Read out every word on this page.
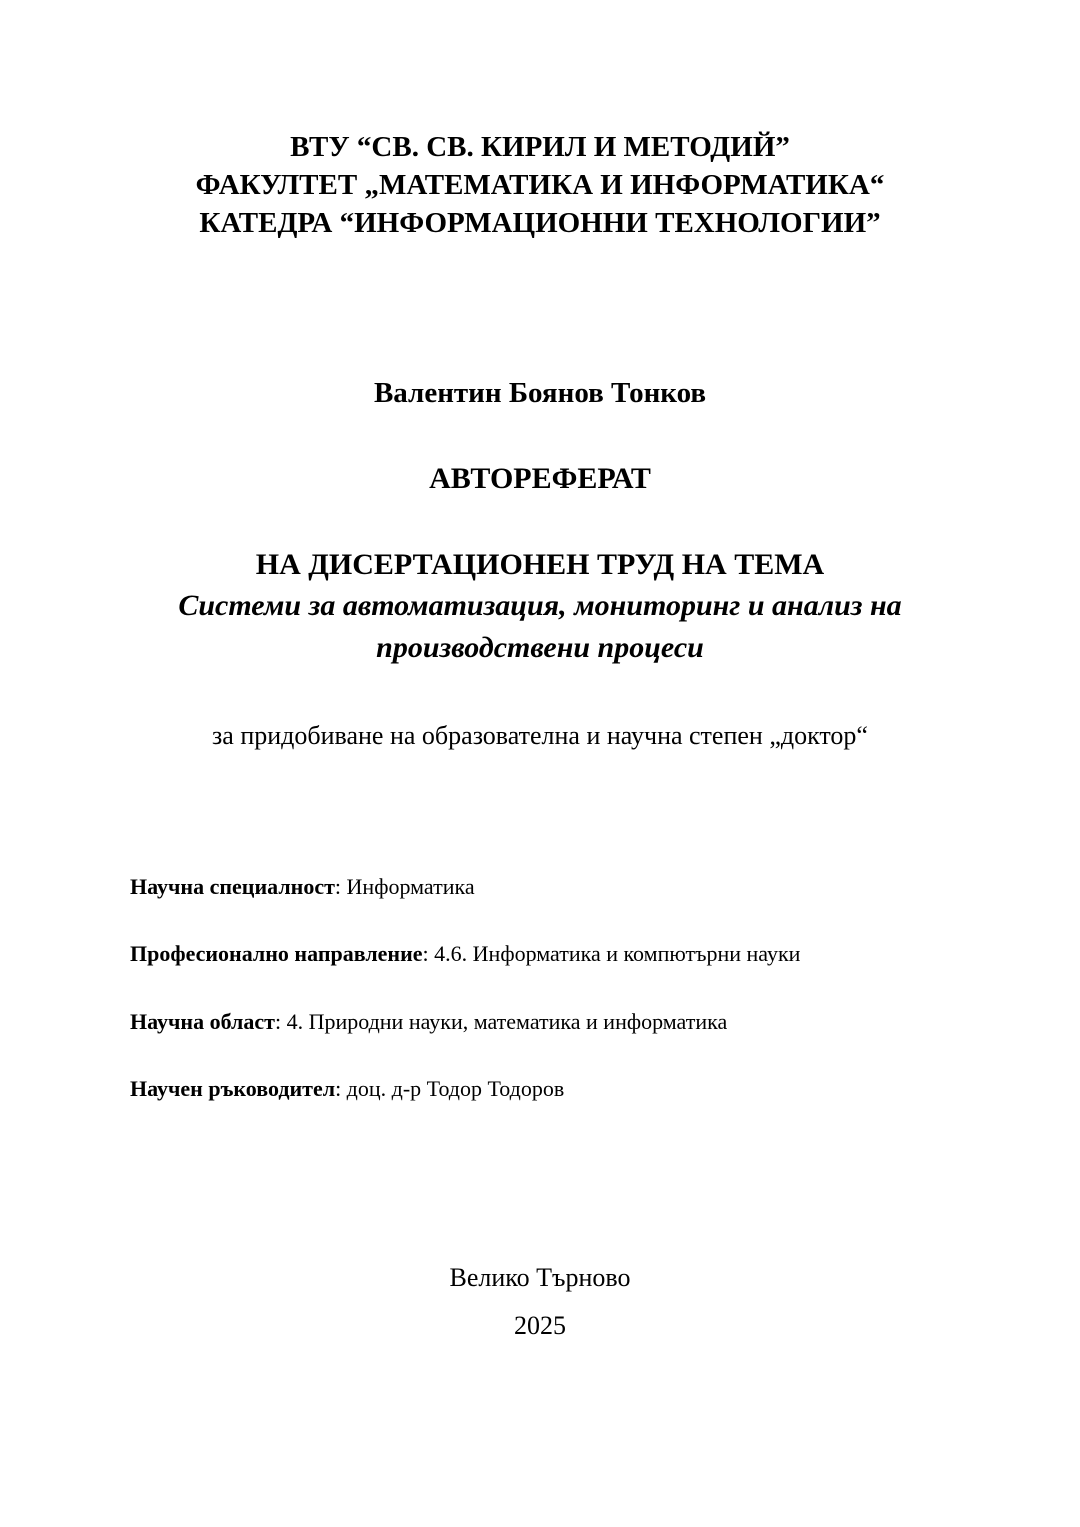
ВТУ “СВ. СВ. КИРИЛ И МЕТОДИЙ”
ФАКУЛТЕТ „МАТЕМАТИКА И ИНФОРМАТИКА“
КАТЕДРА “ИНФОРМАЦИОННИ ТЕХНОЛОГИИ”
Валентин Боянов Тонков
АВТОРЕФЕРАТ
НА ДИСЕРТАЦИОНЕН ТРУД НА ТЕМА
Системи за автоматизация, мониторинг и анализ на
производствени процеси
за придобиване на образователна и научна степен „доктор“
Научна специалност: Информатика
Професионално направление: 4.6. Информатика и компютърни науки
Научна област: 4. Природни науки, математика и информатика
Научен ръководител: доц. д-р Тодор Тодоров
Велико Търново
2025
